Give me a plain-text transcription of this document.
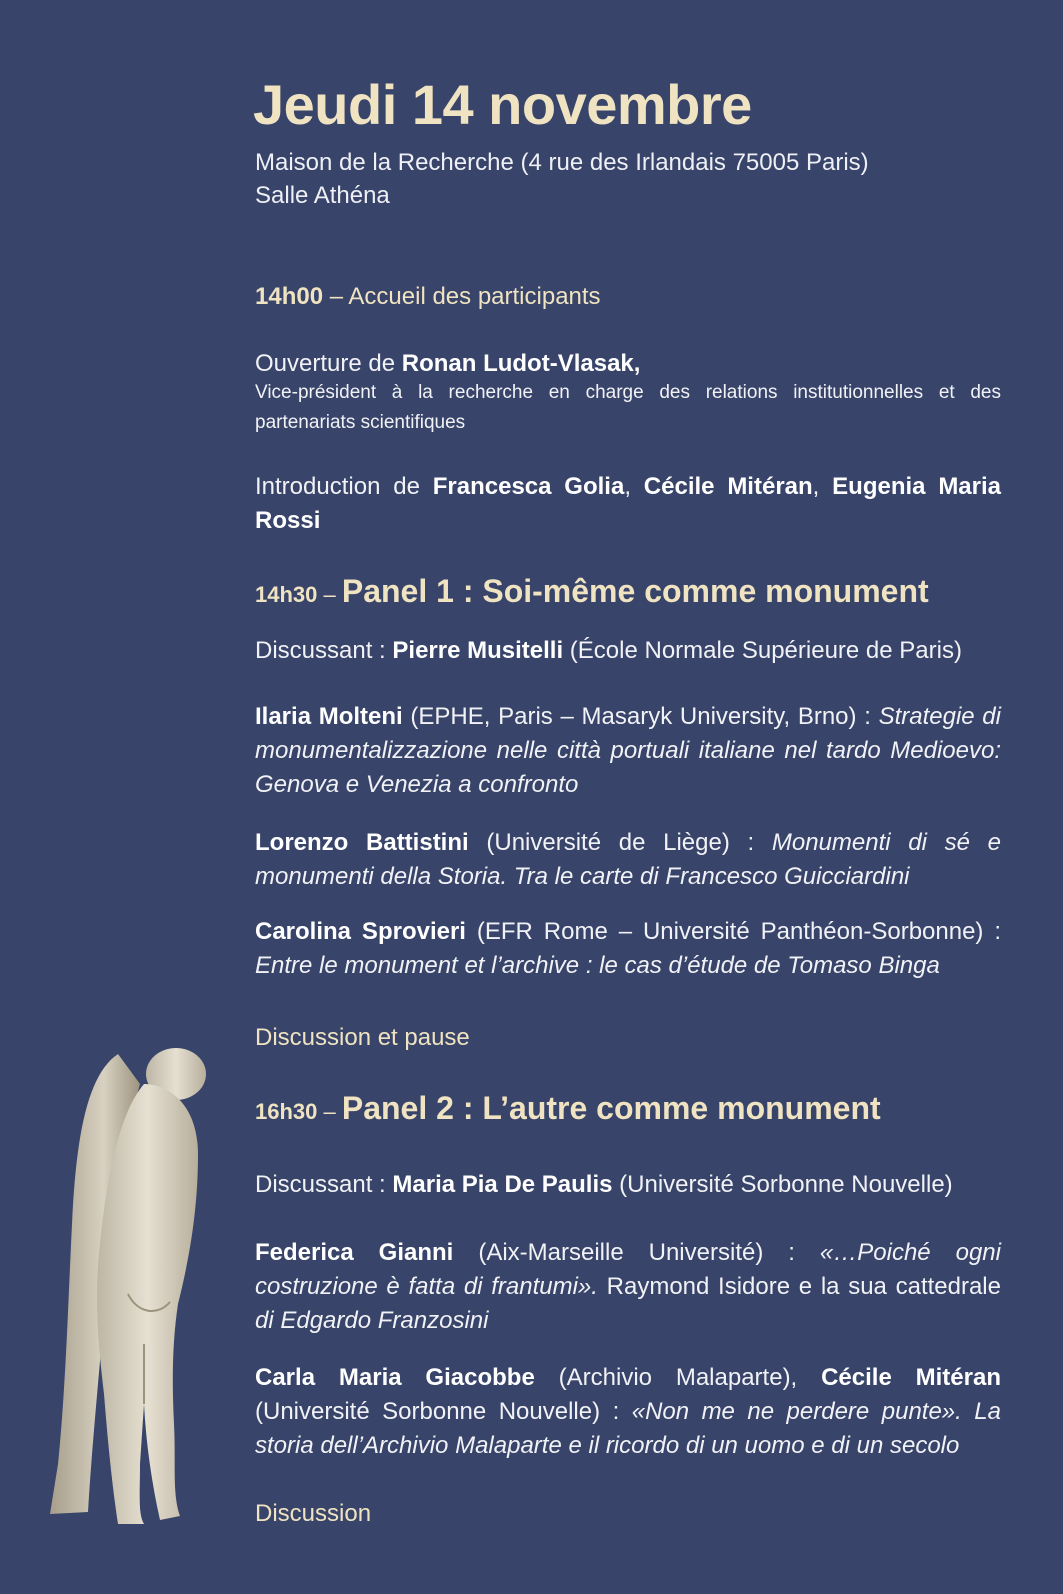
Jeudi 14 novembre
Maison de la Recherche (4 rue des Irlandais 75005 Paris)
Salle Athéna
14h00 – Accueil des participants
Ouverture de Ronan Ludot-Vlasak,
Vice-président à la recherche en charge des relations institutionnelles et des partenariats scientifiques
Introduction de Francesca Golia, Cécile Mitéran, Eugenia Maria Rossi
14h30 – Panel 1 : Soi-même comme monument
Discussant : Pierre Musitelli (École Normale Supérieure de Paris)
Ilaria Molteni (EPHE, Paris – Masaryk University, Brno) : Strategie di monumentalizzazione nelle città portuali italiane nel tardo Medioevo: Genova e Venezia a confronto
Lorenzo Battistini (Université de Liège) : Monumenti di sé e monumenti della Storia. Tra le carte di Francesco Guicciardini
Carolina Sprovieri (EFR Rome – Université Panthéon-Sorbonne) : Entre le monument et l’archive : le cas d’étude de Tomaso Binga
Discussion et pause
16h30 – Panel 2 : L’autre comme monument
Discussant : Maria Pia De Paulis (Université Sorbonne Nouvelle)
Federica Gianni (Aix-Marseille Université) : «…Poiché ogni costruzione è fatta di frantumi». Raymond Isidore e la sua cattedrale di Edgardo Franzosini
Carla Maria Giacobbe (Archivio Malaparte), Cécile Mitéran (Université Sorbonne Nouvelle) : «Non me ne perdere punte». La storia dell’Archivio Malaparte e il ricordo di un uomo e di un secolo
Discussion
